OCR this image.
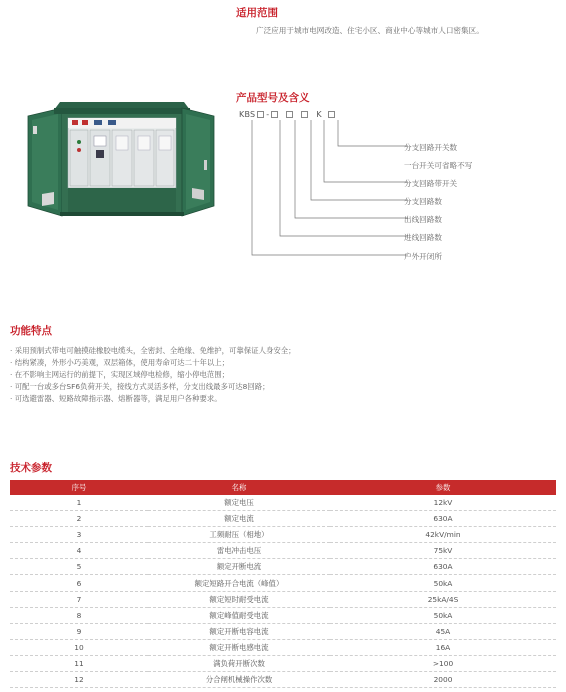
适用范围
广泛应用于城市电网改造、住宅小区、商业中心等城市人口密集区。
产品型号及含义
KBS -	K
分支回路开关数
一台开关可省略不写
分支回路带开关
分支回路数
出线回路数
进线回路数
户外开闭所
功能特点
· 采用预制式带电可触摸硅橡胶电缆头，全密封、全绝缘、免维护，可靠保证人身安全；
· 结构紧凑，外形小巧美观，双层箱体，使用寿命可达二十年以上；
· 在不影响主网运行的前提下，实现区域停电检修，缩小停电范围；
· 可配一台或多台SF6负荷开关，接线方式灵活多样，分支出线最多可达8回路；
· 可选避雷器、短路故障指示器、熔断器等，满足用户各种要求。
技术参数
序号	名称	参数
1	额定电压	12kV
2	额定电流	630A
3	工频耐压（相地）	42kV/min
4	雷电冲击电压	75kV
5	额定开断电流	630A
6	额定短路开合电流（峰值）	50kA
7	额定短时耐受电流	25kA/4S
8	额定峰值耐受电流	50kA
9	额定开断电容电流	45A
10	额定开断电感电流	16A
11	满负荷开断次数	>100
12	分合闸机械操作次数	2000
